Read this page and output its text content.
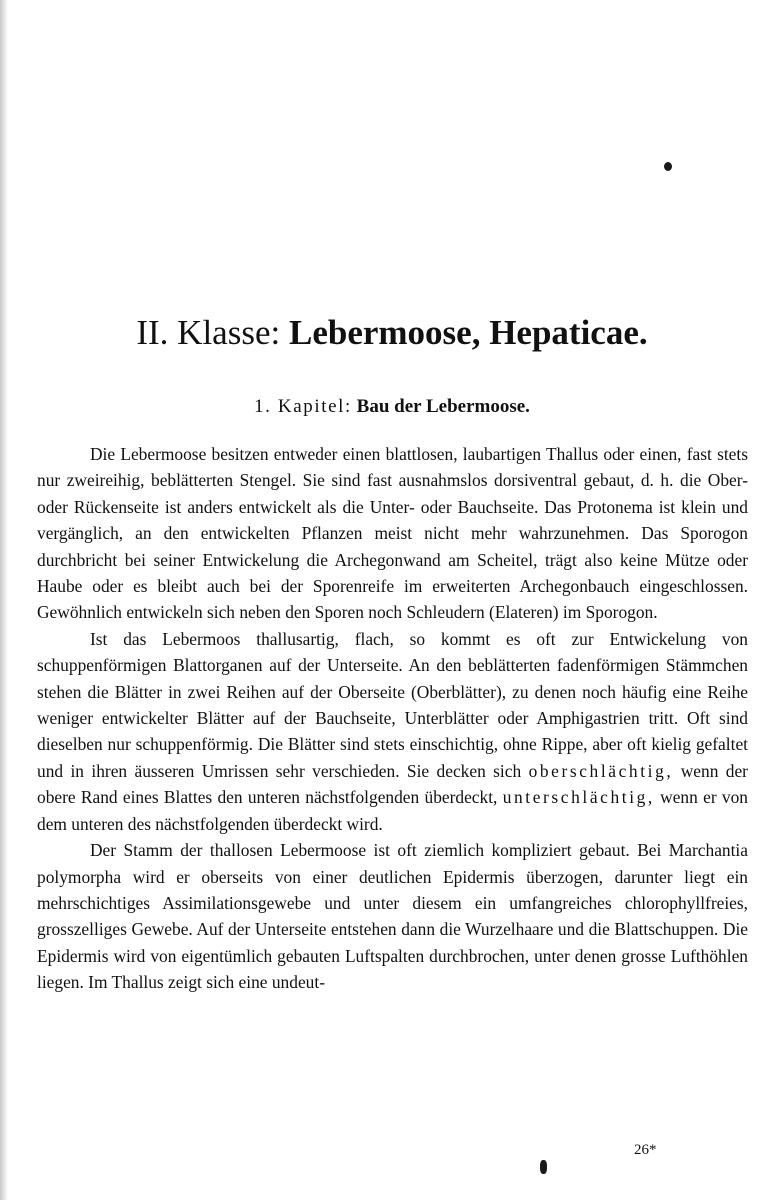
II. Klasse: Lebermoose, Hepaticae.
1. Kapitel: Bau der Lebermoose.

Die Lebermoose besitzen entweder einen blattlosen, laubartigen Thallus oder einen, fast stets nur zweireihig, beblätterten Stengel. Sie sind fast ausnahmslos dorsiventral gebaut, d. h. die Ober- oder Rückenseite ist anders entwickelt als die Unter- oder Bauchseite. Das Protonema ist klein und vergänglich, an den entwickelten Pflanzen meist nicht mehr wahrzunehmen. Das Sporogon durchbricht bei seiner Entwickelung die Archegonwand am Scheitel, trägt also keine Mütze oder Haube oder es bleibt auch bei der Sporenreife im erweiterten Archegonbauch eingeschlossen. Gewöhnlich entwickeln sich neben den Sporen noch Schleudern (Elateren) im Sporogon.

Ist das Lebermoos thallusartig, flach, so kommt es oft zur Entwickelung von schuppenförmigen Blattorganen auf der Unterseite. An den beblätterten fadenförmigen Stämmchen stehen die Blätter in zwei Reihen auf der Oberseite (Oberblätter), zu denen noch häufig eine Reihe weniger entwickelter Blätter auf der Bauchseite, Unterblätter oder Amphigastrien tritt. Oft sind dieselben nur schuppenförmig. Die Blätter sind stets einschichtig, ohne Rippe, aber oft kielig gefaltet und in ihren äusseren Umrissen sehr verschieden. Sie decken sich oberschlächtig, wenn der obere Rand eines Blattes den unteren nächstfolgenden überdeckt, unterschlächtig, wenn er von dem unteren des nächstfolgenden überdeckt wird.

Der Stamm der thallosen Lebermoose ist oft ziemlich kompliziert gebaut. Bei Marchantia polymorpha wird er oberseits von einer deutlichen Epidermis überzogen, darunter liegt ein mehrschichtiges Assimilationsgewebe und unter diesem ein umfangreiches chlorophyllfreies, grosszelliges Gewebe. Auf der Unterseite entstehen dann die Wurzelhaare und die Blattschuppen. Die Epidermis wird von eigentümlich gebauten Luftspalten durchbrochen, unter denen grosse Lufthöhlen liegen. Im Thallus zeigt sich eine undeut-

26*
